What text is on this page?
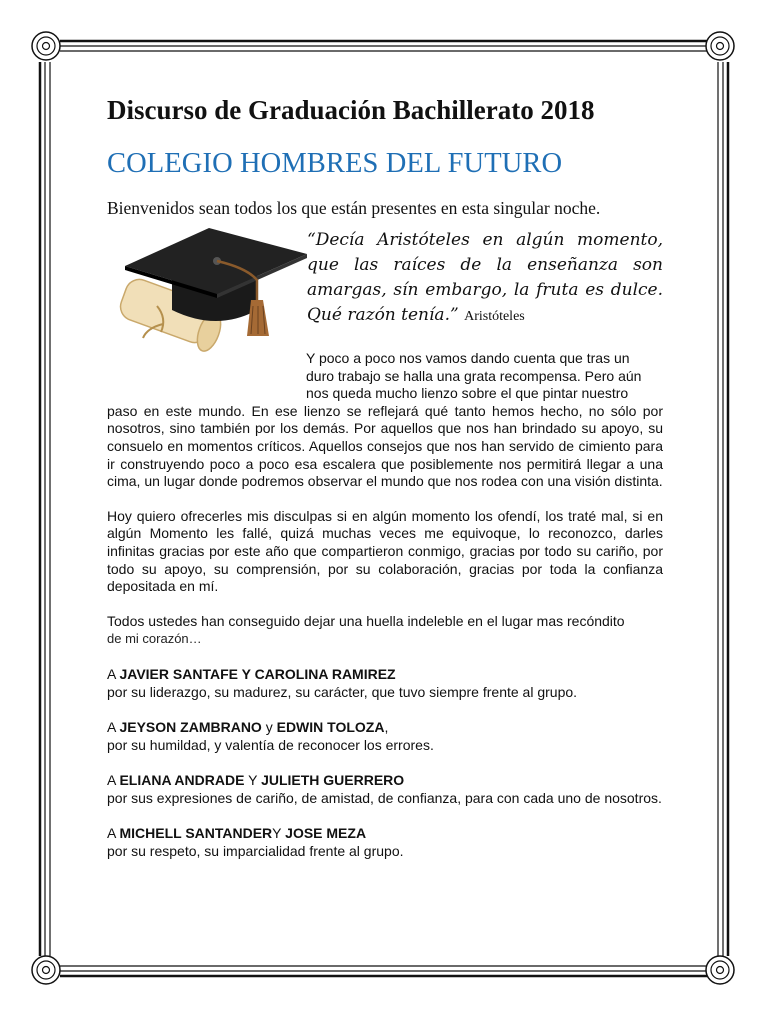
Discurso de Graduación Bachillerato 2018
COLEGIO HOMBRES DEL FUTURO

Bienvenidos sean todos los que están presentes en esta singular noche.

“Decía Aristóteles en algún momento, que las raíces de la enseñanza son amargas, sín embargo, la fruta es dulce. Qué razón tenía.” Aristóteles
Y poco a poco nos vamos dando cuenta que tras un
duro trabajo se halla una grata recompensa. Pero aún
nos queda mucho lienzo sobre el que pintar nuestro
paso en este mundo. En ese lienzo se reflejará qué tanto hemos hecho, no sólo por nosotros, sino también por los demás. Por aquellos que nos han brindado su apoyo, su consuelo en momentos críticos. Aquellos consejos que nos han servido de cimiento para ir construyendo poco a poco esa escalera que posiblemente nos permitirá llegar a una cima, un lugar donde podremos observar el mundo que nos rodea con una visión distinta.

Hoy quiero ofrecerles mis disculpas si en algún momento los ofendí, los traté mal, si en algún Momento les fallé, quizá muchas veces me equivoque, lo reconozco, darles infinitas gracias por este año que compartieron conmigo, gracias por todo su cariño, por todo su apoyo, su comprensión, por su colaboración, gracias por toda la confianza depositada en mí.

Todos ustedes han conseguido dejar una huella indeleble en el lugar mas recóndito
de mi corazón…

A JAVIER SANTAFE Y CAROLINA RAMIREZ
por su liderazgo, su madurez, su carácter, que tuvo siempre frente al grupo.
A JEYSON ZAMBRANO y EDWIN TOLOZA,
por su humildad, y valentía de reconocer los errores.
A ELIANA ANDRADE Y JULIETH GUERRERO
por sus expresiones de cariño, de amistad, de confianza, para con cada uno de nosotros.
A MICHELL SANTANDERY JOSE MEZA
por su respeto, su imparcialidad frente al grupo.
